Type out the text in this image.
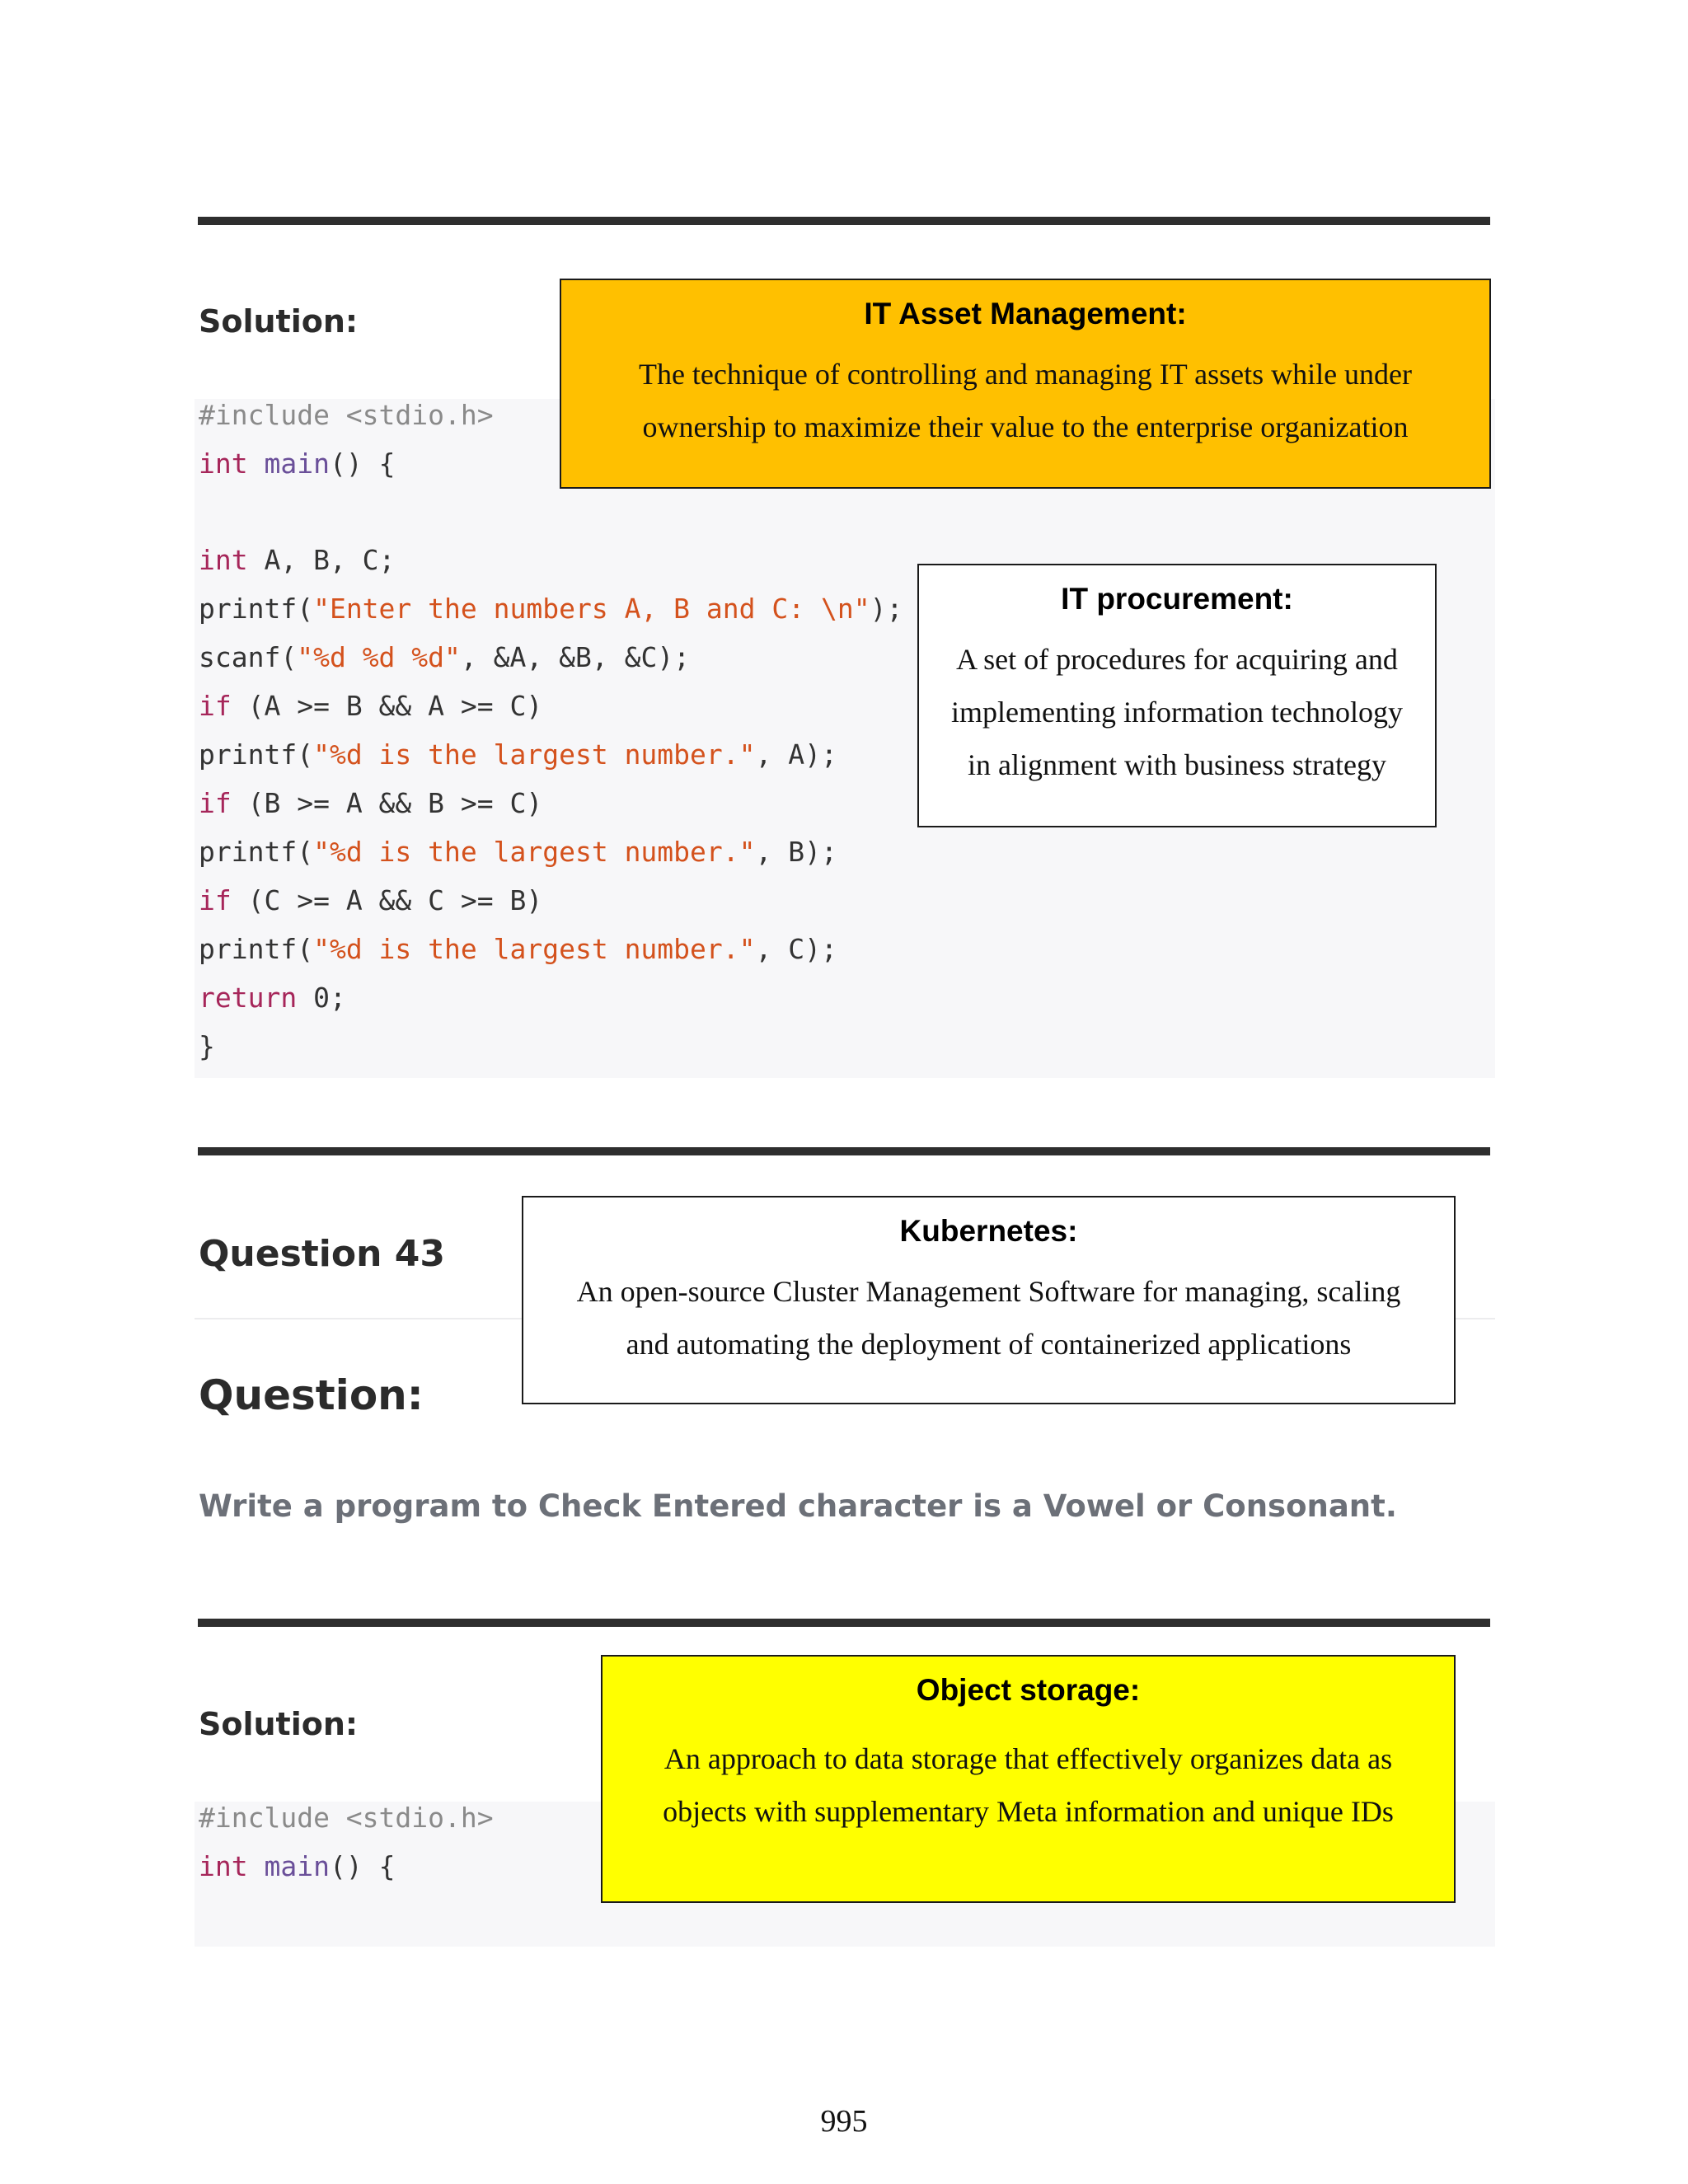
Solution:
#include <stdio.h>
int main() {
int A, B, C;
printf("Enter the numbers A, B and C: \n");
scanf("%d %d %d", &A, &B, &C);
if (A >= B && A >= C)
printf("%d is the largest number.", A);
if (B >= A && B >= C)
printf("%d is the largest number.", B);
if (C >= A && C >= B)
printf("%d is the largest number.", C);
return 0;
}
Question 43
Question:
Write a program to Check Entered character is a Vowel or Consonant.
Solution:
#include <stdio.h>
int main() {
IT Asset Management:
The technique of controlling and managing IT assets while under
ownership to maximize their value to the enterprise organization
IT procurement:
A set of procedures for acquiring and
implementing information technology
in alignment with business strategy
Kubernetes:
An open-source Cluster Management Software for managing, scaling
and automating the deployment of containerized applications
Object storage:
An approach to data storage that effectively organizes data as
objects with supplementary Meta information and unique IDs
995
